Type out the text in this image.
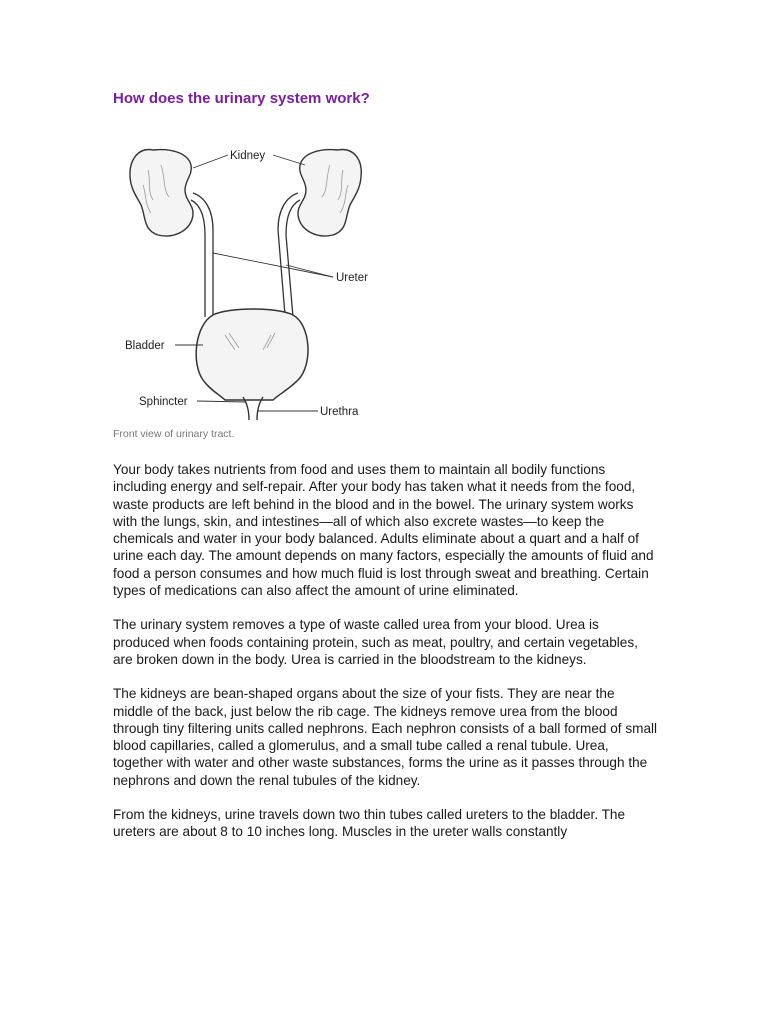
How does the urinary system work?
Kidney
Ureter
Bladder
Sphincter
Urethra
Front view of urinary tract.

Your body takes nutrients from food and uses them to maintain all bodily functions including energy and self-repair. After your body has taken what it needs from the food, waste products are left behind in the blood and in the bowel. The urinary system works with the lungs, skin, and intestines—all of which also excrete wastes—to keep the chemicals and water in your body balanced. Adults eliminate about a quart and a half of urine each day. The amount depends on many factors, especially the amounts of fluid and food a person consumes and how much fluid is lost through sweat and breathing. Certain types of medications can also affect the amount of urine eliminated.

The urinary system removes a type of waste called urea from your blood. Urea is produced when foods containing protein, such as meat, poultry, and certain vegetables, are broken down in the body. Urea is carried in the bloodstream to the kidneys.

The kidneys are bean-shaped organs about the size of your fists. They are near the middle of the back, just below the rib cage. The kidneys remove urea from the blood through tiny filtering units called nephrons. Each nephron consists of a ball formed of small blood capillaries, called a glomerulus, and a small tube called a renal tubule. Urea, together with water and other waste substances, forms the urine as it passes through the nephrons and down the renal tubules of the kidney.

From the kidneys, urine travels down two thin tubes called ureters to the bladder. The ureters are about 8 to 10 inches long. Muscles in the ureter walls constantly
